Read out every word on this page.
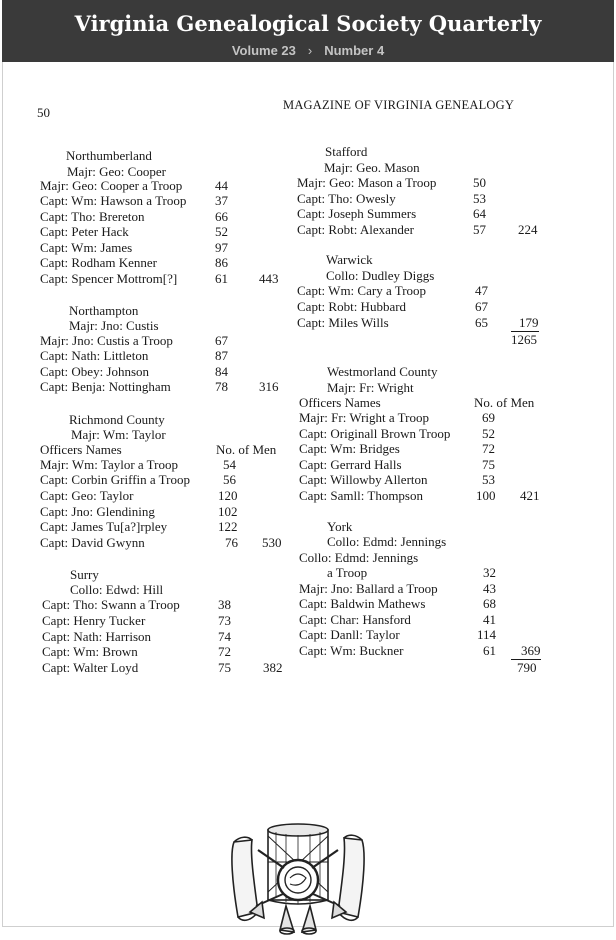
Virginia Genealogical Society Quarterly
Volume 23 › Number 4
50	MAGAZINE OF VIRGINIA GENEALOGY
Northumberland
Majr: Geo: Cooper
Majr: Geo: Cooper a Troop	44
Capt: Wm: Hawson a Troop 37
Capt: Tho: Brereton	66
Capt: Peter Hack	52
Capt: Wm: James	97
Capt: Rodham Kenner	86
Capt: Spencer Mottrom[?]	61 443
Northampton
Majr: Jno: Custis
Majr: Jno: Custis a Troop	67
Capt: Nath: Littleton	87
Capt: Obey: Johnson	84
Capt: Benja: Nottingham	78 316
Richmond County
Majr: Wm: Taylor
Officers Names	No. of Men
Majr: Wm: Taylor a Troop	54
Capt: Corbin Griffin a Troop	56
Capt: Geo: Taylor	120
Capt: Jno: Glendining	102
Capt: James Tu[a?]rpley	122
Capt: David Gwynn	76 530
Surry
Collo: Edwd: Hill
Capt: Tho: Swann a Troop	38
Capt: Henry Tucker	73
Capt: Nath: Harrison	74
Capt: Wm: Brown	72
Capt: Walter Loyd	75 382
Stafford
Majr: Geo. Mason
Majr: Geo: Mason a Troop	50
Capt: Tho: Owesly	53
Capt: Joseph Summers	64
Capt: Robt: Alexander	57 224
Warwick
Collo: Dudley Diggs
Capt: Wm: Cary a Troop	47
Capt: Robt: Hubbard	67
Capt: Miles Wills	65	179
1265
Westmorland County
Majr: Fr: Wright
Officers Names	No. of Men
Majr: Fr: Wright a Troop	69
Capt: Originall Brown Troop 52
Capt: Wm: Bridges	72
Capt: Gerrard Halls	75
Capt: Willowby Allerton	53
Capt: Samll: Thompson	100 421
York
Collo: Edmd: Jennings
Collo: Edmd: Jennings
a Troop	32
Majr: Jno: Ballard a Troop	43
Capt: Baldwin Mathews	68
Capt: Char: Hansford	41
Capt: Danll: Taylor	114
Capt: Wm: Buckner	61	369
790
